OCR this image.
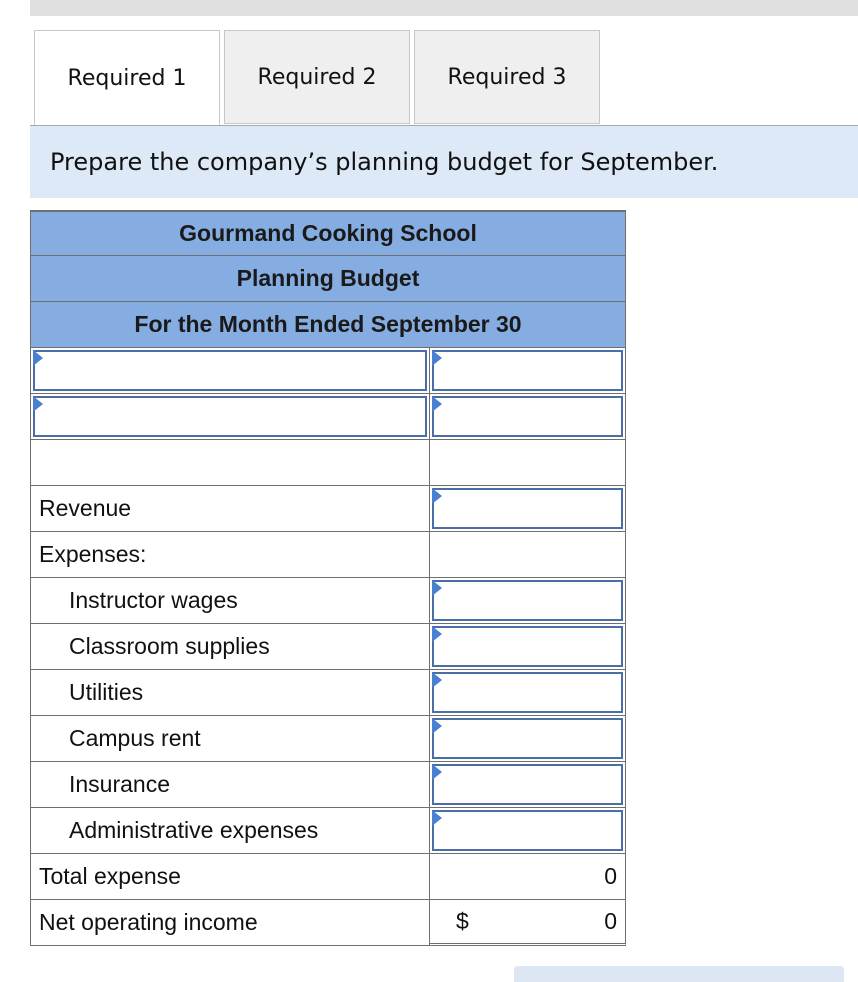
Required 1	Required 2	Required 3
Prepare the company’s planning budget for September.
Gourmand Cooking School
Planning Budget
For the Month Ended September 30
Revenue
Expenses:
Instructor wages
Classroom supplies
Utilities
Campus rent
Insurance
Administrative expenses
Total expense	0
Net operating income	$	0
